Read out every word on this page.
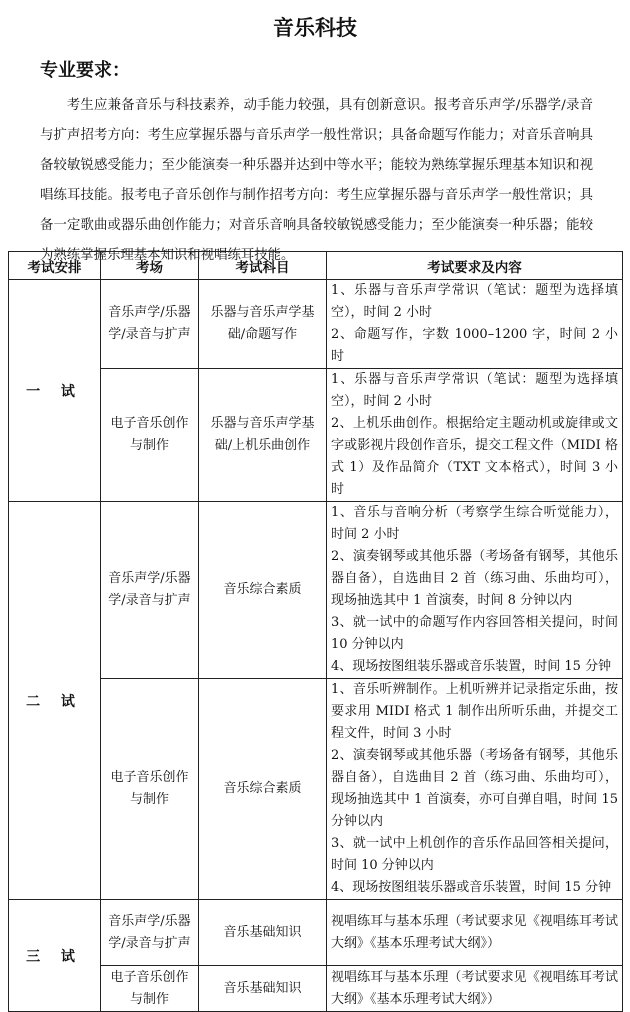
音乐科技
专业要求：

考生应兼备音乐与科技素养，动手能力较强，具有创新意识。报考音乐声学/乐器学/录音与扩声招考方向：考生应掌握乐器与音乐声学一般性常识；具备命题写作能力；对音乐音响具备较敏锐感受能力；至少能演奏一种乐器并达到中等水平；能较为熟练掌握乐理基本知识和视唱练耳技能。报考电子音乐创作与制作招考方向：考生应掌握乐器与音乐声学一般性常识；具备一定歌曲或器乐曲创作能力；对音乐音响具备较敏锐感受能力；至少能演奏一种乐器；能较为熟练掌握乐理基本知识和视唱练耳技能。

考试安排	考场	考试科目	考试要求及内容
一 试	音乐声学/乐器学/录音与扩声	乐器与音乐声学基础/命题写作	1、乐器与音乐声学常识（笔试：题型为选择填空），时间 2 小时
2、命题写作，字数 1000–1200 字，时间 2 小时

	电子音乐创作与制作	乐器与音乐声学基础/上机乐曲创作	1、乐器与音乐声学常识（笔试：题型为选择填空），时间 2 小时
2、上机乐曲创作。根据给定主题动机或旋律或文字或影视片段创作音乐，提交工程文件（MIDI 格式 1）及作品简介（TXT 文本格式），时间 3 小时

二 试	音乐声学/乐器学/录音与扩声	音乐综合素质	1、音乐与音响分析（考察学生综合听觉能力），时间 2 小时
2、演奏钢琴或其他乐器（考场备有钢琴，其他乐器自备），自选曲目 2 首（练习曲、乐曲均可），现场抽选其中 1 首演奏，时间 8 分钟以内
3、就一试中的命题写作内容回答相关提问，时间 10 分钟以内
4、现场按图组装乐器或音乐装置，时间 15 分钟

	电子音乐创作与制作	音乐综合素质	1、音乐听辨制作。上机听辨并记录指定乐曲，按要求用 MIDI 格式 1 制作出所听乐曲，并提交工程文件，时间 3 小时
2、演奏钢琴或其他乐器（考场备有钢琴，其他乐器自备），自选曲目 2 首（练习曲、乐曲均可），现场抽选其中 1 首演奏，亦可自弹自唱，时间 15 分钟以内
3、就一试中上机创作的音乐作品回答相关提问，时间 10 分钟以内
4、现场按图组装乐器或音乐装置，时间 15 分钟

三 试	音乐声学/乐器学/录音与扩声	音乐基础知识	视唱练耳与基本乐理（考试要求见《视唱练耳考试大纲》《基本乐理考试大纲》）

	电子音乐创作与制作	音乐基础知识	视唱练耳与基本乐理（考试要求见《视唱练耳考试大纲》《基本乐理考试大纲》）
